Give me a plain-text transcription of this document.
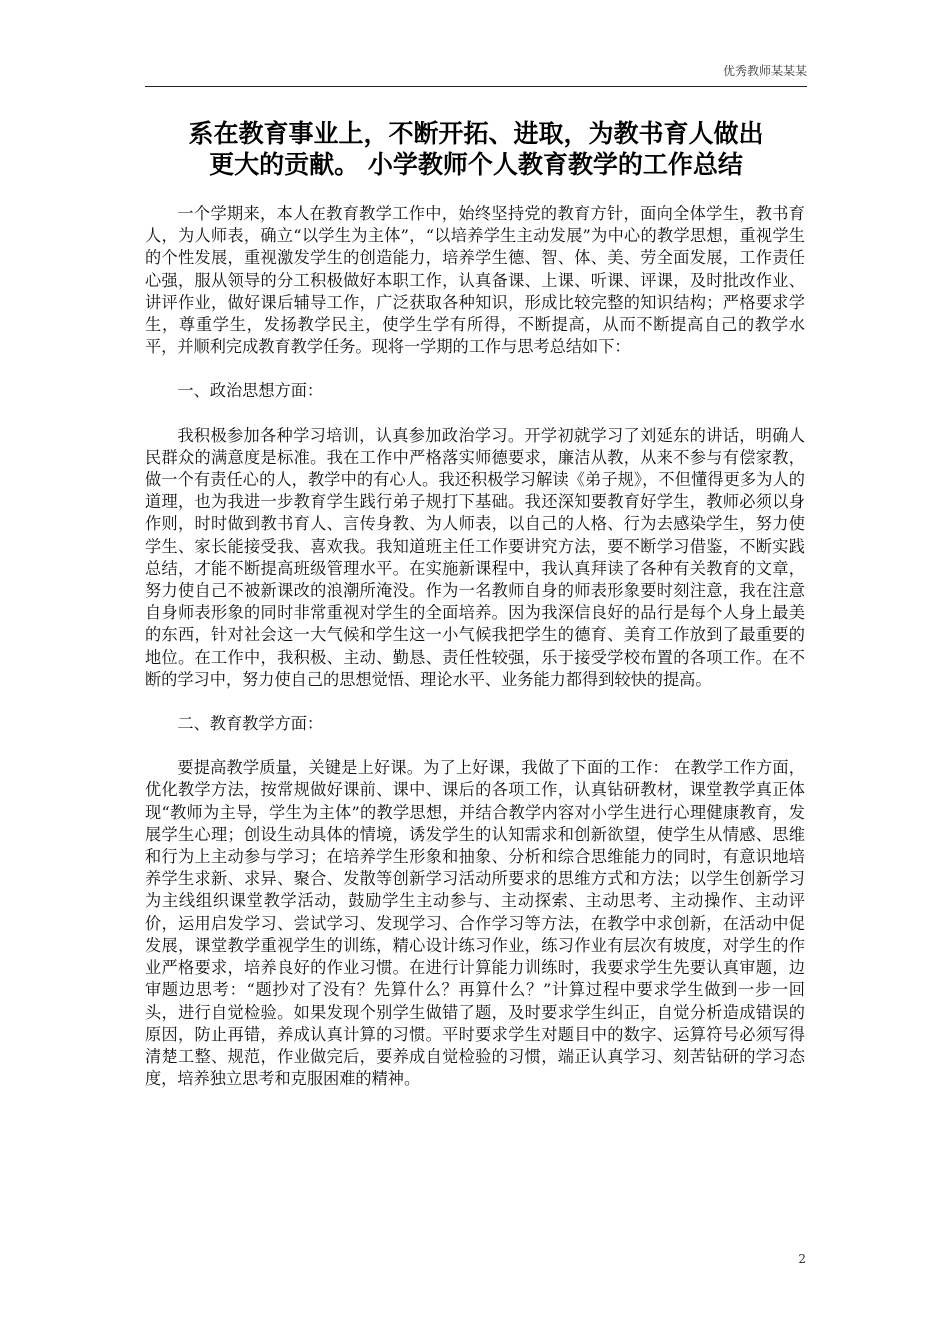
优秀教师某某某
系在教育事业上，不断开拓、进取，为教书育人做出
更大的贡献。 小学教师个人教育教学的工作总结

一个学期来，本人在教育教学工作中，始终坚持党的教育方针，面向全体学生，教书育人，为人师表，确立“以学生为主体”，“以培养学生主动发展”为中心的教学思想，重视学生的个性发展，重视激发学生的创造能力，培养学生德、智、体、美、劳全面发展，工作责任心强，服从领导的分工积极做好本职工作，认真备课、上课、听课、评课，及时批改作业、讲评作业，做好课后辅导工作，广泛获取各种知识，形成比较完整的知识结构；严格要求学生，尊重学生，发扬教学民主，使学生学有所得，不断提高，从而不断提高自己的教学水平，并顺利完成教育教学任务。现将一学期的工作与思考总结如下：

一、政治思想方面：

我积极参加各种学习培训，认真参加政治学习。开学初就学习了刘延东的讲话，明确人民群众的满意度是标准。我在工作中严格落实师德要求，廉洁从教，从来不参与有偿家教，做一个有责任心的人，教学中的有心人。我还积极学习解读《弟子规》，不但懂得更多为人的道理，也为我进一步教育学生践行弟子规打下基础。我还深知要教育好学生，教师必须以身作则，时时做到教书育人、言传身教、为人师表，以自己的人格、行为去感染学生，努力使学生、家长能接受我、喜欢我。我知道班主任工作要讲究方法，要不断学习借鉴，不断实践总结，才能不断提高班级管理水平。在实施新课程中，我认真拜读了各种有关教育的文章，努力使自己不被新课改的浪潮所淹没。作为一名教师自身的师表形象要时刻注意，我在注意自身师表形象的同时非常重视对学生的全面培养。因为我深信良好的品行是每个人身上最美的东西，针对社会这一大气候和学生这一小气候我把学生的德育、美育工作放到了最重要的地位。在工作中，我积极、主动、勤恳、责任性较强，乐于接受学校布置的各项工作。在不断的学习中，努力使自己的思想觉悟、理论水平、业务能力都得到较快的提高。

二、教育教学方面：

要提高教学质量，关键是上好课。为了上好课，我做了下面的工作： 在教学工作方面，优化教学方法，按常规做好课前、课中、课后的各项工作，认真钻研教材，课堂教学真正体现“教师为主导，学生为主体”的教学思想，并结合教学内容对小学生进行心理健康教育，发展学生心理；创设生动具体的情境，诱发学生的认知需求和创新欲望，使学生从情感、思维和行为上主动参与学习；在培养学生形象和抽象、分析和综合思维能力的同时，有意识地培养学生求新、求异、聚合、发散等创新学习活动所要求的思维方式和方法；以学生创新学习为主线组织课堂教学活动，鼓励学生主动参与、主动探索、主动思考、主动操作、主动评价，运用启发学习、尝试学习、发现学习、合作学习等方法，在教学中求创新，在活动中促发展，课堂教学重视学生的训练，精心设计练习作业，练习作业有层次有坡度，对学生的作业严格要求，培养良好的作业习惯。在进行计算能力训练时，我要求学生先要认真审题，边审题边思考：“题抄对了没有？先算什么？再算什么？”计算过程中要求学生做到一步一回头，进行自觉检验。如果发现个别学生做错了题，及时要求学生纠正，自觉分析造成错误的原因，防止再错，养成认真计算的习惯。平时要求学生对题目中的数字、运算符号必须写得清楚工整、规范，作业做完后，要养成自觉检验的习惯，端正认真学习、刻苦钻研的学习态度，培养独立思考和克服困难的精神。

2
